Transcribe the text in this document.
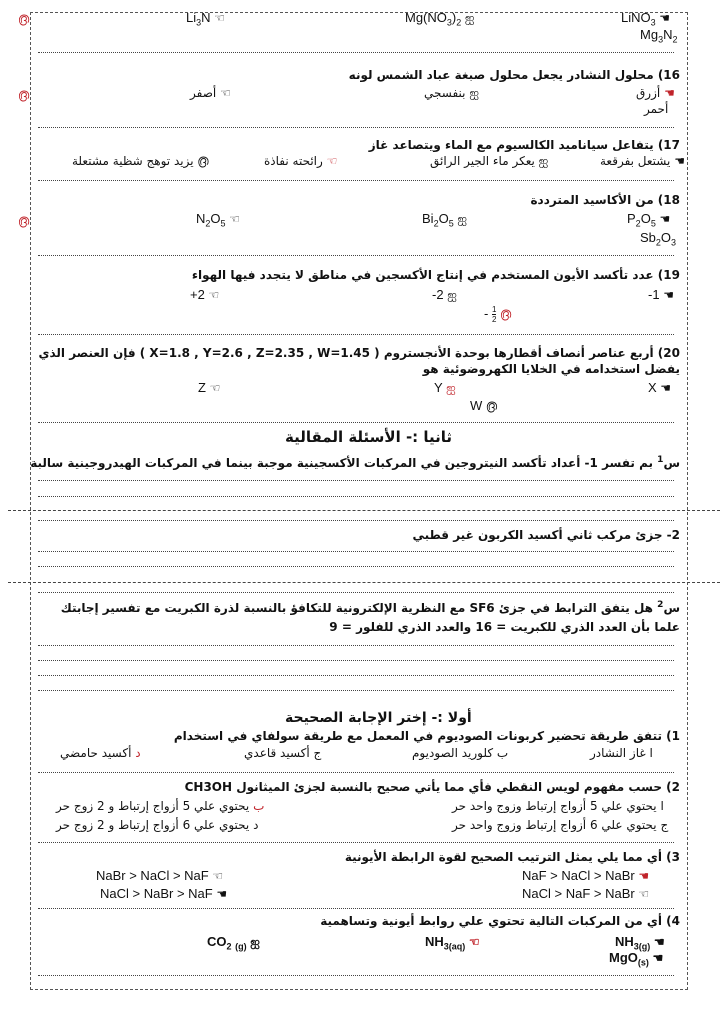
൫	$Li_3N$ ☜	$Mg(NO_3)_2$ ஐ	LiNO$_3$ ☚
$Mg_3N_2$
16) محلول النشادر يجعل محلول صبغة عباد الشمس لونه
൫	☜ أصفر	ஐ بنفسجي	☚ أزرق
أحمر
17) يتفاعل سياناميد الكالسيوم مع الماء ويتصاعد غاز
൫ يزيد توهج شظية مشتعلة	☜ رائحته نفاذة	ஐ يعكر ماء الجير الرائق	☚ يشتعل بفرقعة
18) من الأكاسيد المترددة
൫	$N_2O_5$ ☜	$Bi_2O_5$ ஐ	$P_2O_5$ ☚
$Sb_2O_3$
19) عدد تأكسد الأيون المستخدم في إنتاج الأكسجين في مناطق لا يتجدد فيها الهواء
+2 ☜	-2 ஐ	-1 ☚
- $\frac{1}{2}$ ൫
20) أربع عناصر أنصاف أقطارها بوحدة الأنجستروم ( X=1.8 , Y=2.6 , Z=2.35 , W=1.45 ) فإن العنصر الذي
يفضل استخدامه في الخلايا الكهروضوئية هو
Z ☜	Y ஐ	X ☚
W ൫
ثانيا :- الأسئلة المقالية
س$^1$ بم تفسر 1- أعداد تأكسد النيتروجين في المركبات الأكسجينية موجبة بينما في المركبات الهيدروجينية سالبة
2- جزئ مركب ثاني أكسيد الكربون غير قطبي
س$^2$ هل يتفق الترابط في جزئ SF6 مع النظرية الإلكترونية للتكافؤ بالنسبة لذرة الكبريت مع تفسير إجابتك
علما بأن العدد الذري للكبريت = 16 والعدد الذري للفلور = 9
أولا :- إختر الإجابة الصحيحة
1) تتفق طريقة تحضير كربونات الصوديوم في المعمل مع طريقة سولفاي في استخدام
ا غاز النشادر
ب كلوريد الصوديوم
ج أكسيد قاعدي
د أكسيد حامضي
2) حسب مفهوم لويس النقطي فأي مما يأتي صحيح بالنسبة لجزئ الميثانول CH3OH
ا يحتوي علي 5 أزواج إرتباط وزوج واحد حر
ب يحتوي علي 5 أزواج إرتباط و 2 زوج حر
ج يحتوي علي 6 أزواج إرتباط وزوج واحد حر
د يحتوي علي 6 أزواج إرتباط و 2 زوج حر
3) أي مما يلي يمثل الترتيب الصحيح لقوة الرابطة الأيونية
NaF > NaCl > NaBr ☚
NaBr > NaCl > NaF ☜
NaCl > NaF > NaBr ☜
NaCl > NaBr > NaF ☚
4) أي من المركبات التالية تحتوي علي روابط أيونية وتساهمية
$NH_{3(g)}$ ☚
$NH_{3(aq)}$ ☜
$CO_2$ $_{(g)}$ ஐ
MgO$_{(s)}$ ☚
